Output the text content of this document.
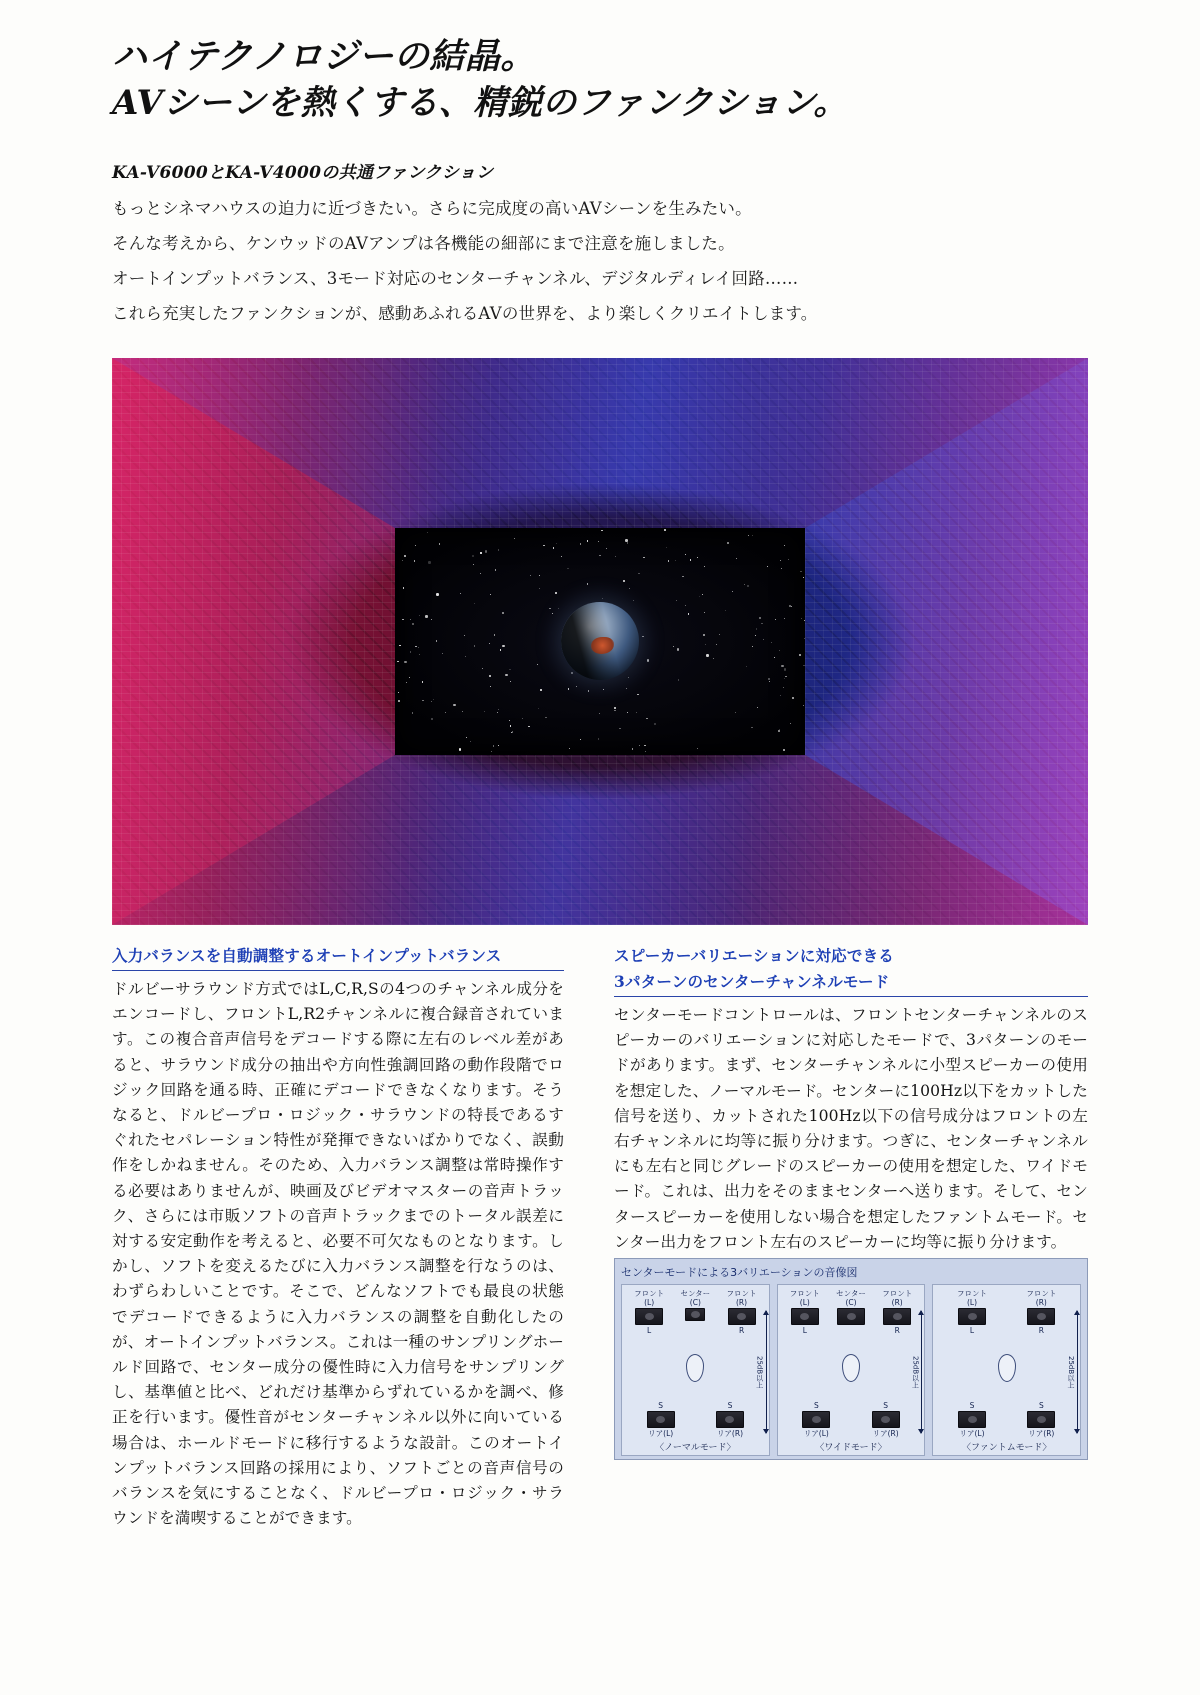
ハイテクノロジーの結晶。
AVシーンを熱くする、精鋭のファンクション。
KA-V6000とKA-V4000の共通ファンクション

もっとシネマハウスの迫力に近づきたい。さらに完成度の高いAVシーンを生みたい。

そんな考えから、ケンウッドのAVアンプは各機能の細部にまで注意を施しました。

オートインプットバランス、3モード対応のセンターチャンネル、デジタルディレイ回路……

これら充実したファンクションが、感動あふれるAVの世界を、より楽しくクリエイトします。

入力バランスを自動調整するオートインプットバランス

ドルビーサラウンド方式ではL,C,R,Sの4つのチャンネル成分をエンコードし、フロントL,R2チャンネルに複合録音されています。この複合音声信号をデコードする際に左右のレベル差があると、サラウンド成分の抽出や方向性強調回路の動作段階でロジック回路を通る時、正確にデコードできなくなります。そうなると、ドルビープロ・ロジック・サラウンドの特長であるすぐれたセパレーション特性が発揮できないばかりでなく、誤動作をしかねません。そのため、入力バランス調整は常時操作する必要はありませんが、映画及びビデオマスターの音声トラック、さらには市販ソフトの音声トラックまでのトータル誤差に対する安定動作を考えると、必要不可欠なものとなります。しかし、ソフトを変えるたびに入力バランス調整を行なうのは、わずらわしいことです。そこで、どんなソフトでも最良の状態でデコードできるように入力バランスの調整を自動化したのが、オートインプットバランス。これは一種のサンプリングホールド回路で、センター成分の優性時に入力信号をサンプリングし、基準値と比べ、どれだけ基準からずれているかを調べ、修正を行います。優性音がセンターチャンネル以外に向いている場合は、ホールドモードに移行するような設計。このオートインプットバランス回路の採用により、ソフトごとの音声信号のバランスを気にすることなく、ドルビープロ・ロジック・サラウンドを満喫することができます。

スピーカーバリエーションに対応できる
3パターンのセンターチャンネルモード

センターモードコントロールは、フロントセンターチャンネルのスピーカーのバリエーションに対応したモードで、3パターンのモードがあります。まず、センターチャンネルに小型スピーカーの使用を想定した、ノーマルモード。センターに100Hz以下をカットした信号を送り、カットされた100Hz以下の信号成分はフロントの左右チャンネルに均等に振り分けます。つぎに、センターチャンネルにも左右と同じグレードのスピーカーの使用を想定した、ワイドモード。これは、出力をそのままセンターへ送ります。そして、センタースピーカーを使用しない場合を想定したファントムモード。センター出力をフロント左右のスピーカーに均等に振り分けます。

センターモードによる3バリエーションの音像図
フロント
(L)
L
センター
(C)

フロント
(R)
R
S
リア(L)
S
リア(R)
25dB以上
〈ノーマルモード〉
フロント
(L)
L
センター
(C)

フロント
(R)
R
S
リア(L)
S
リア(R)
25dB以上
〈ワイドモード〉
フロント
(L)
L
フロント
(R)
R
S
リア(L)
S
リア(R)
25dB以上
〈ファントムモード〉
